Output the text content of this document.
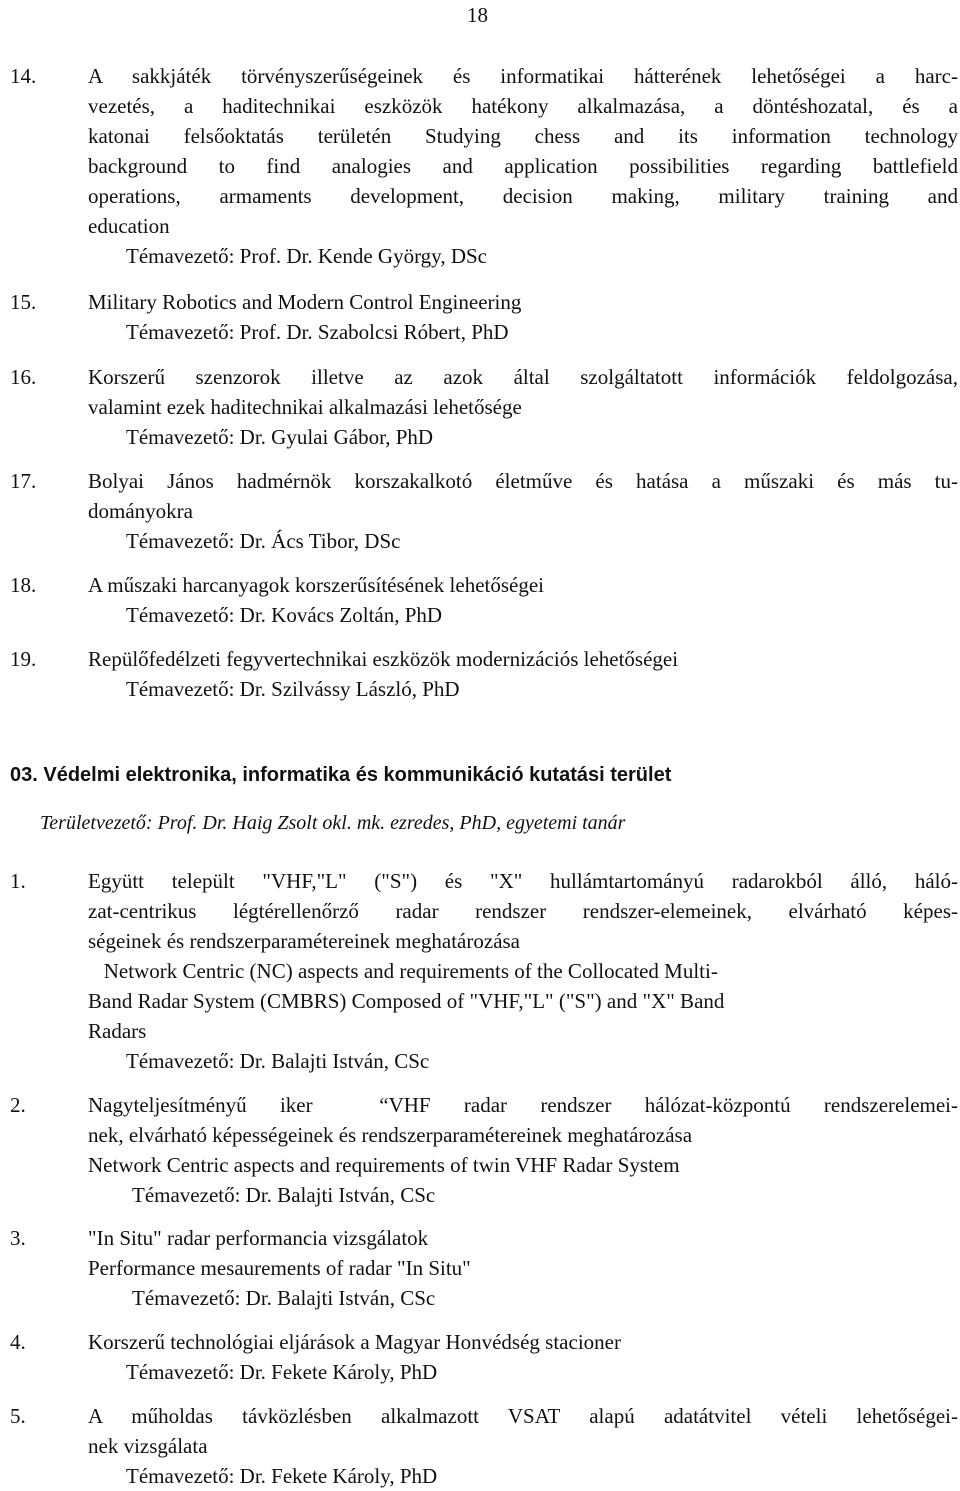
18
14. A sakkjáték törvényszerűségeinek és informatikai hátterének lehetőségei a harc-
vezetés, a haditechnikai eszközök hatékony alkalmazása, a döntéshozatal, és a
katonai felsőoktatás területén Studying chess and its information technology
background to find analogies and application possibilities regarding battlefield
operations, armaments development, decision making, military training and
education
Témavezető: Prof. Dr. Kende György, DSc
15. Military Robotics and Modern Control Engineering
Témavezető: Prof. Dr. Szabolcsi Róbert, PhD
16. Korszerű szenzorok illetve az azok által szolgáltatott információk feldolgozása,
valamint ezek haditechnikai alkalmazási lehetősége
Témavezető: Dr. Gyulai Gábor, PhD
17. Bolyai János hadmérnök korszakalkotó életműve és hatása a műszaki és más tu-
dományokra
Témavezető: Dr. Ács Tibor, DSc
18. A műszaki harcanyagok korszerűsítésének lehetőségei
Témavezető: Dr. Kovács Zoltán, PhD
19. Repülőfedélzeti fegyvertechnikai eszközök modernizációs lehetőségei
Témavezető: Dr. Szilvássy László, PhD
03. Védelmi elektronika, informatika és kommunikáció kutatási terület
Területvezető: Prof. Dr. Haig Zsolt okl. mk. ezredes, PhD, egyetemi tanár
1.	Együtt települt "VHF,"L" ("S") és "X" hullámtartományú radarokból álló, háló-
zat-centrikus légtérellenőrző radar rendszer rendszer-elemeinek, elvárható képes-
ségeinek és rendszerparamétereinek meghatározása
Network Centric (NC) aspects and requirements of the Collocated Multi-
Band Radar System (CMBRS) Composed of "VHF,"L" ("S") and "X" Band
Radars
Témavezető: Dr. Balajti István, CSc
2.	Nagyteljesítményű iker  “VHF radar rendszer hálózat-központú rendszerelemei-
nek, elvárható képességeinek és rendszerparamétereinek meghatározása
Network Centric aspects and requirements of twin VHF Radar System
Témavezető: Dr. Balajti István, CSc
3.	"In Situ" radar performancia vizsgálatok
Performance mesaurements of radar "In Situ"
Témavezető: Dr. Balajti István, CSc
4.	Korszerű technológiai eljárások a Magyar Honvédség stacioner
Témavezető: Dr. Fekete Károly, PhD
5.	A műholdas távközlésben alkalmazott VSAT alapú adatátvitel vételi lehetőségei-
nek vizsgálata
Témavezető: Dr. Fekete Károly, PhD
